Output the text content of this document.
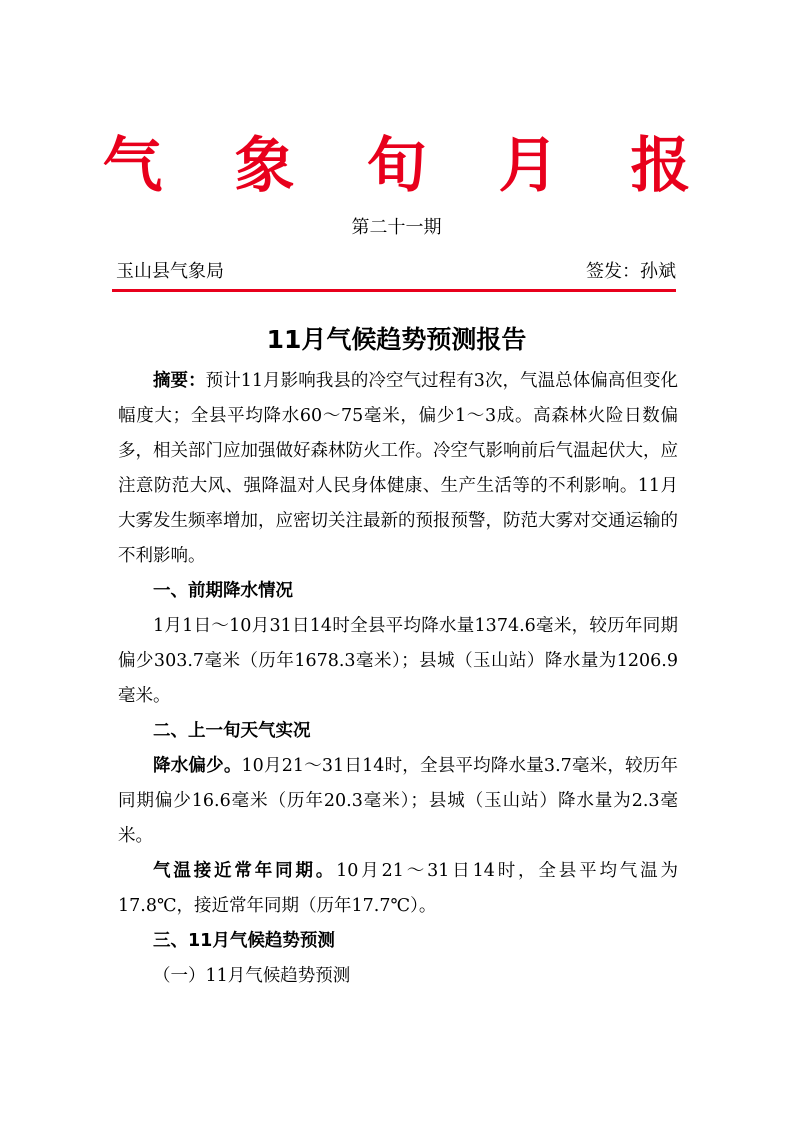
气 象 旬 月 报
第二十一期
玉山县气象局	签发：孙斌
11月气候趋势预测报告

摘要：预计11月影响我县的冷空气过程有3次，气温总体偏高但变化幅度大；全县平均降水60～75毫米，偏少1～3成。高森林火险日数偏多，相关部门应加强做好森林防火工作。冷空气影响前后气温起伏大，应注意防范大风、强降温对人民身体健康、生产生活等的不利影响。11月大雾发生频率增加，应密切关注最新的预报预警，防范大雾对交通运输的不利影响。

一、前期降水情况

1月1日～10月31日14时全县平均降水量1374.6毫米，较历年同期偏少303.7毫米（历年1678.3毫米）；县城（玉山站）降水量为1206.9毫米。

二、上一旬天气实况

降水偏少。10月21～31日14时，全县平均降水量3.7毫米，较历年同期偏少16.6毫米（历年20.3毫米）；县城（玉山站）降水量为2.3毫米。

气温接近常年同期。10月21～31日14时，全县平均气温为17.8℃，接近常年同期（历年17.7℃）。

三、11月气候趋势预测

（一）11月气候趋势预测
